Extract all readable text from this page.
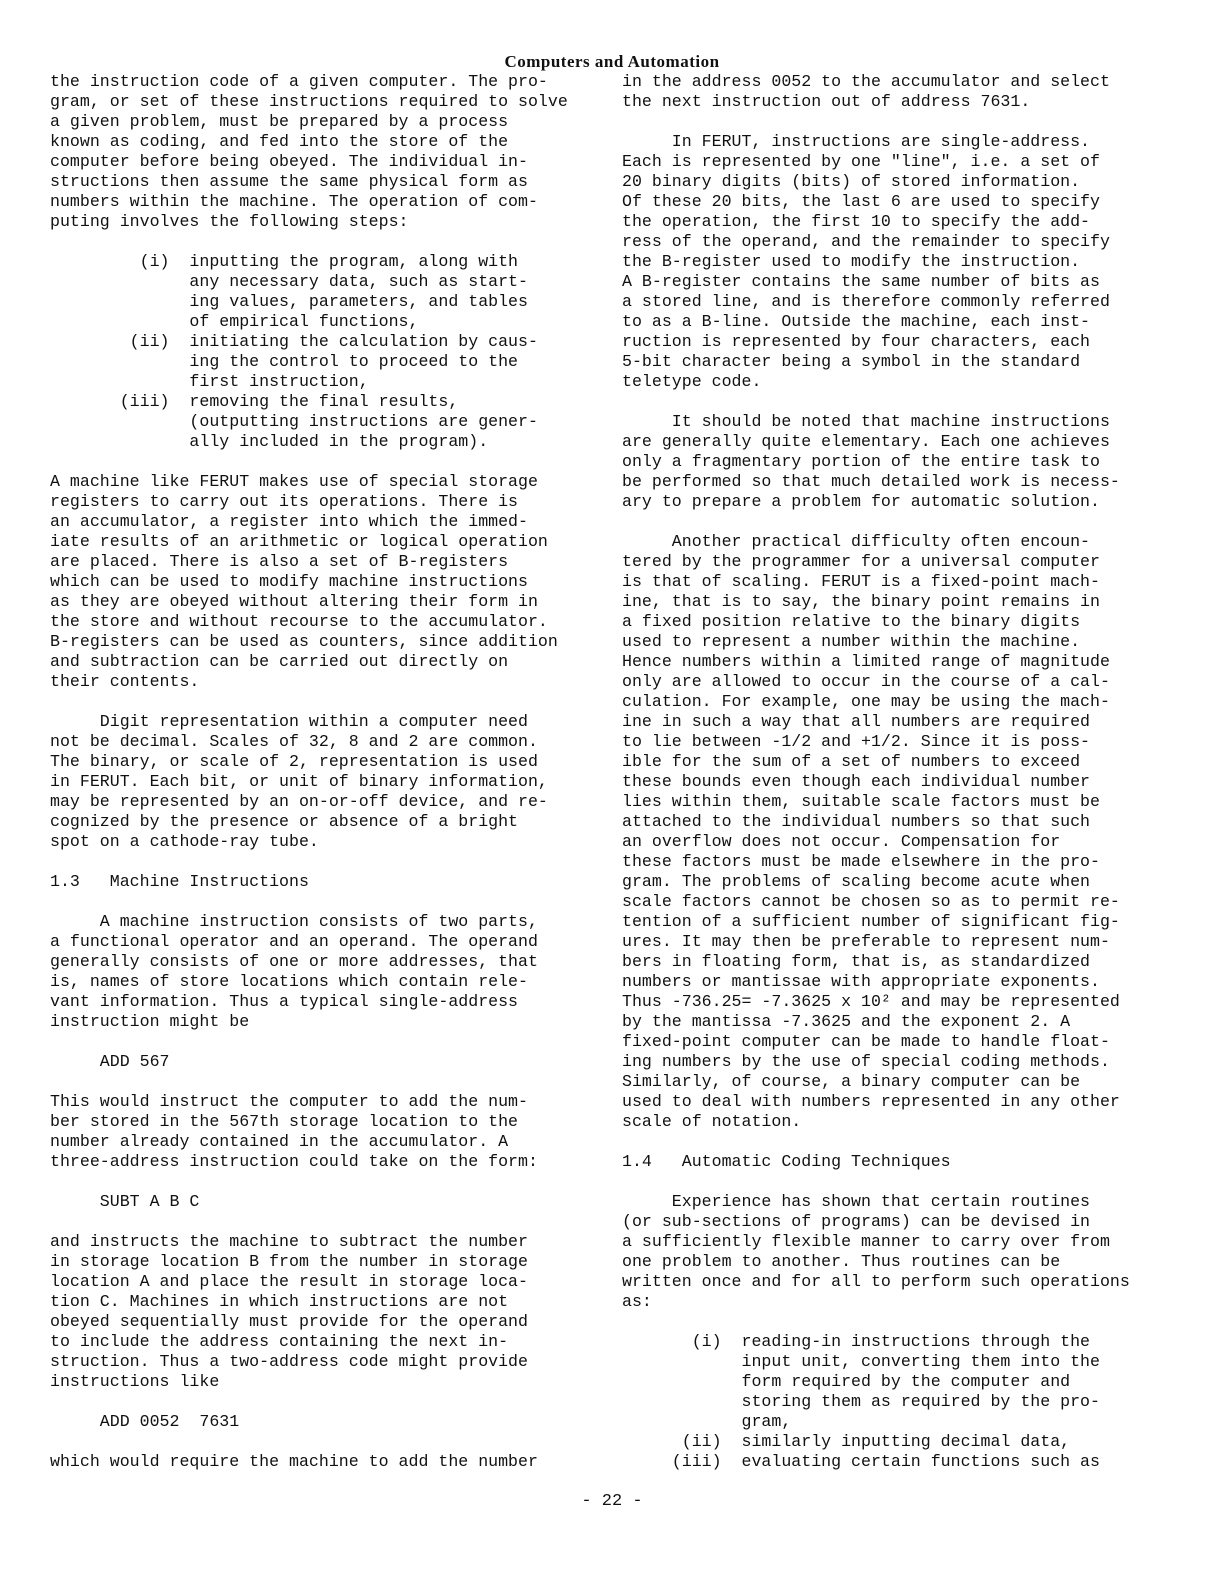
Computers and Automation
the instruction code of a given computer. The pro-
gram, or set of these instructions required to solve
a given problem, must be prepared by a process
known as coding, and fed into the store of the
computer before being obeyed. The individual in-
structions then assume the same physical form as
numbers within the machine. The operation of com-
puting involves the following steps:
(i)  inputting the program, along with
any necessary data, such as start-
ing values, parameters, and tables
of empirical functions,
(ii)  initiating the calculation by caus-
ing the control to proceed to the
first instruction,
(iii)  removing the final results,
(outputting instructions are gener-
ally included in the program).
A machine like FERUT makes use of special storage
registers to carry out its operations. There is
an accumulator, a register into which the immed-
iate results of an arithmetic or logical operation
are placed. There is also a set of B-registers
which can be used to modify machine instructions
as they are obeyed without altering their form in
the store and without recourse to the accumulator.
B-registers can be used as counters, since addition
and subtraction can be carried out directly on
their contents.
Digit representation within a computer need
not be decimal. Scales of 32, 8 and 2 are common.
The binary, or scale of 2, representation is used
in FERUT. Each bit, or unit of binary information,
may be represented by an on-or-off device, and re-
cognized by the presence or absence of a bright
spot on a cathode-ray tube.
1.3   Machine Instructions
A machine instruction consists of two parts,
a functional operator and an operand. The operand
generally consists of one or more addresses, that
is, names of store locations which contain rele-
vant information. Thus a typical single-address
instruction might be
ADD 567
This would instruct the computer to add the num-
ber stored in the 567th storage location to the
number already contained in the accumulator. A
three-address instruction could take on the form:
SUBT A B C
and instructs the machine to subtract the number
in storage location B from the number in storage
location A and place the result in storage loca-
tion C. Machines in which instructions are not
obeyed sequentially must provide for the operand
to include the address containing the next in-
struction. Thus a two-address code might provide
instructions like
ADD 0052  7631
which would require the machine to add the number
in the address 0052 to the accumulator and select
the next instruction out of address 7631.
In FERUT, instructions are single-address.
Each is represented by one "line", i.e. a set of
20 binary digits (bits) of stored information.
Of these 20 bits, the last 6 are used to specify
the operation, the first 10 to specify the add-
ress of the operand, and the remainder to specify
the B-register used to modify the instruction.
A B-register contains the same number of bits as
a stored line, and is therefore commonly referred
to as a B-line. Outside the machine, each inst-
ruction is represented by four characters, each
5-bit character being a symbol in the standard
teletype code.
It should be noted that machine instructions
are generally quite elementary. Each one achieves
only a fragmentary portion of the entire task to
be performed so that much detailed work is necess-
ary to prepare a problem for automatic solution.
Another practical difficulty often encoun-
tered by the programmer for a universal computer
is that of scaling. FERUT is a fixed-point mach-
ine, that is to say, the binary point remains in
a fixed position relative to the binary digits
used to represent a number within the machine.
Hence numbers within a limited range of magnitude
only are allowed to occur in the course of a cal-
culation. For example, one may be using the mach-
ine in such a way that all numbers are required
to lie between -1/2 and +1/2. Since it is poss-
ible for the sum of a set of numbers to exceed
these bounds even though each individual number
lies within them, suitable scale factors must be
attached to the individual numbers so that such
an overflow does not occur. Compensation for
these factors must be made elsewhere in the pro-
gram. The problems of scaling become acute when
scale factors cannot be chosen so as to permit re-
tention of a sufficient number of significant fig-
ures. It may then be preferable to represent num-
bers in floating form, that is, as standardized
numbers or mantissae with appropriate exponents.
Thus -736.25= -7.3625 x 10² and may be represented
by the mantissa -7.3625 and the exponent 2. A
fixed-point computer can be made to handle float-
ing numbers by the use of special coding methods.
Similarly, of course, a binary computer can be
used to deal with numbers represented in any other
scale of notation.
1.4   Automatic Coding Techniques
Experience has shown that certain routines
(or sub-sections of programs) can be devised in
a sufficiently flexible manner to carry over from
one problem to another. Thus routines can be
written once and for all to perform such operations
as:
(i)  reading-in instructions through the
input unit, converting them into the
form required by the computer and
storing them as required by the pro-
gram,
(ii)  similarly inputting decimal data,
(iii)  evaluating certain functions such as
- 22 -
